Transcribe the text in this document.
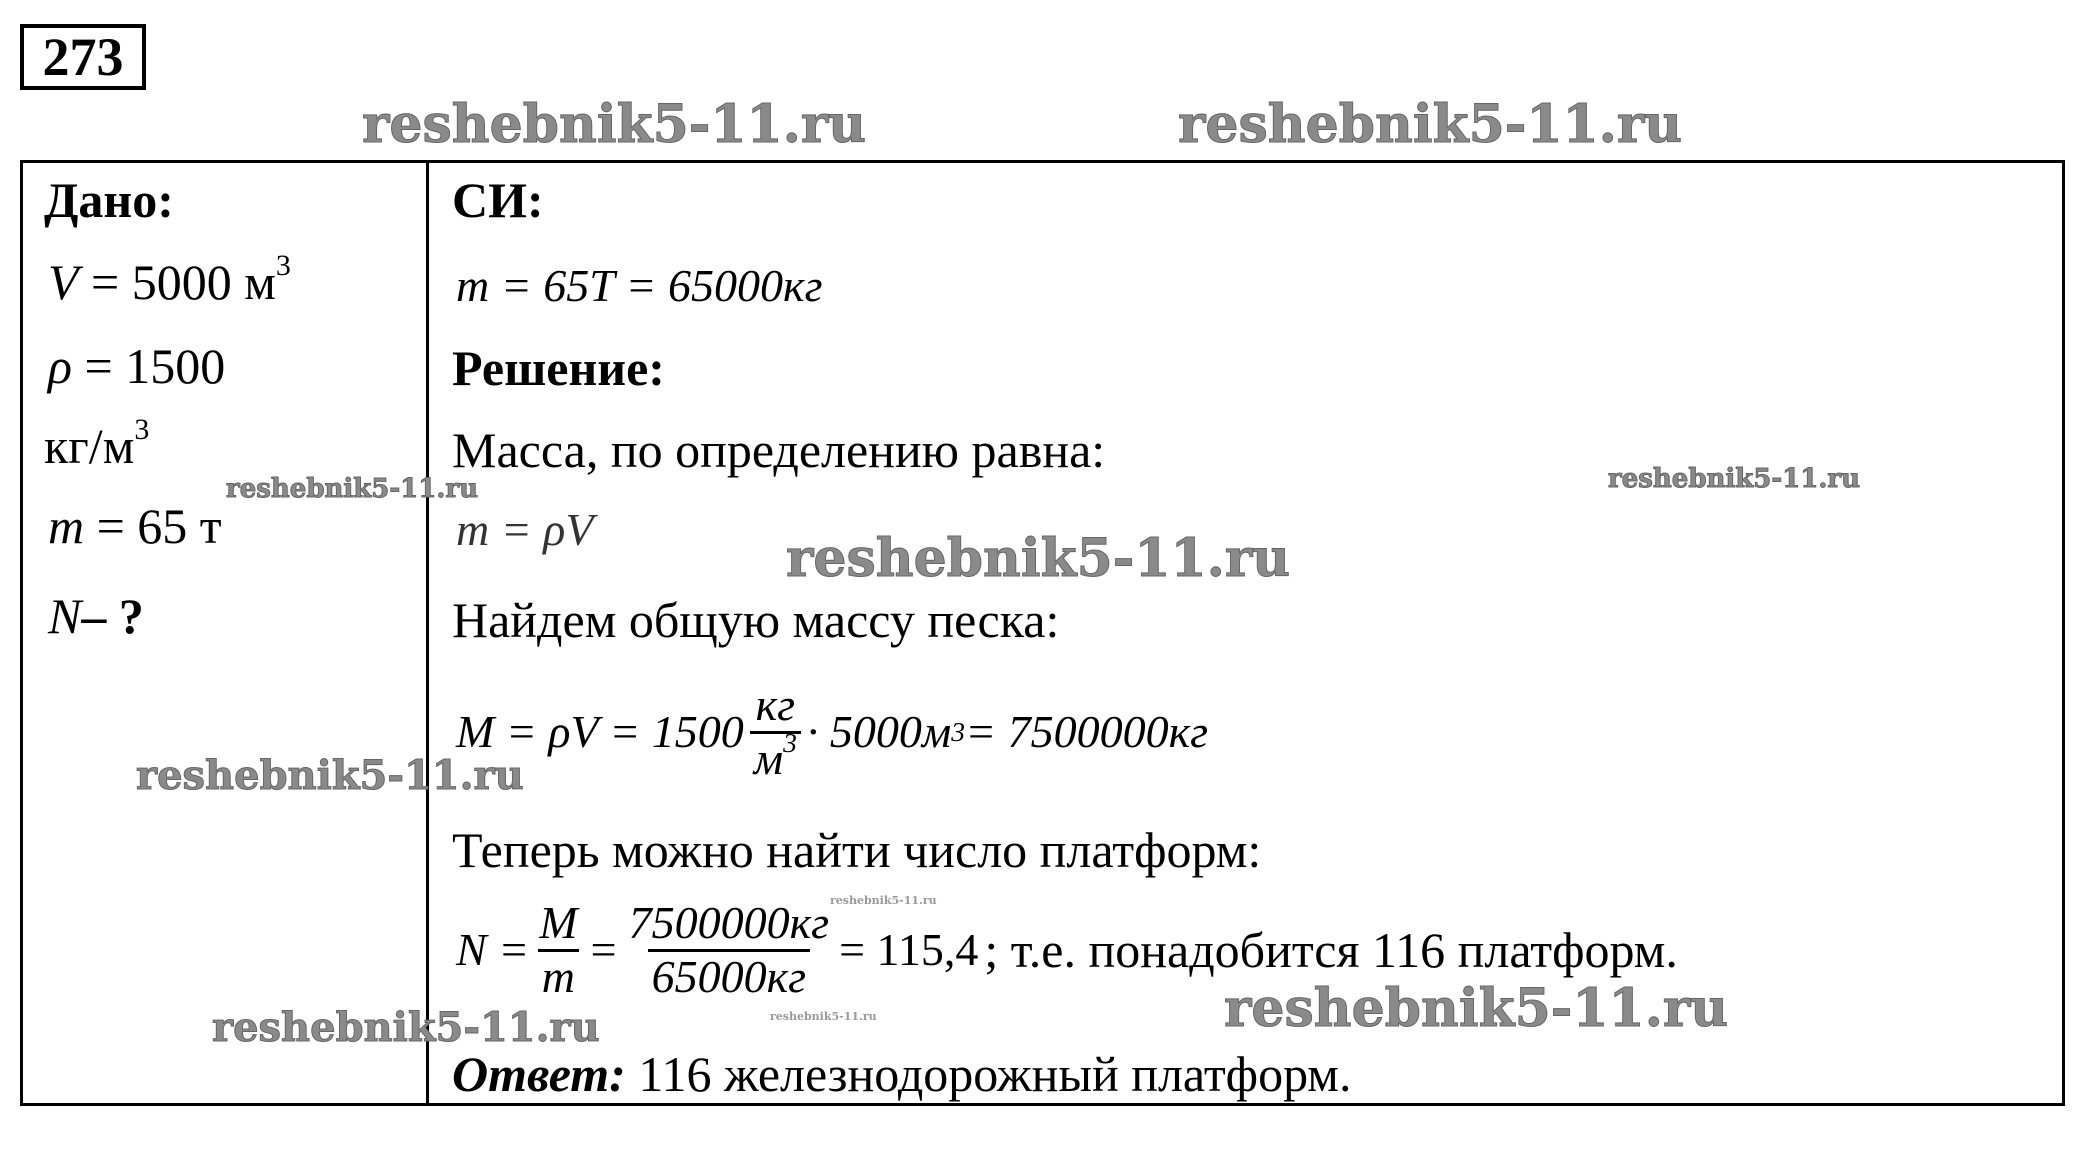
273
Дано:
V = 5000 $м^3$
ρ = 1500
$кг/м^3$
m = 65 т
N– ?
СИ:
m = 65T = 65000кг
Решение:
Масса, по определению равна:
m = ρV
Найдем общую массу песка:
$M = \rho V = 1500 \frac{кг}{м^3} \cdot 5000м$ 3 = 7500000кг
Теперь можно найти число платформ:
$N = \frac{M}{m} = \frac{7500000кг}{65000кг} = 115,4$ ; т.е. понадобится 116 платформ.
Ответ: 116 железнодорожный платформ.
reshebnik5-11.ru	reshebnik5-11.ru
reshebnik5-11.ru	reshebnik5-11.ru
reshebnik5-11.ru
reshebnik5-11.ru
reshebnik5-11.ru
reshebnik5-11.ru
reshebnik5-11.ru	reshebnik5-11.ru
